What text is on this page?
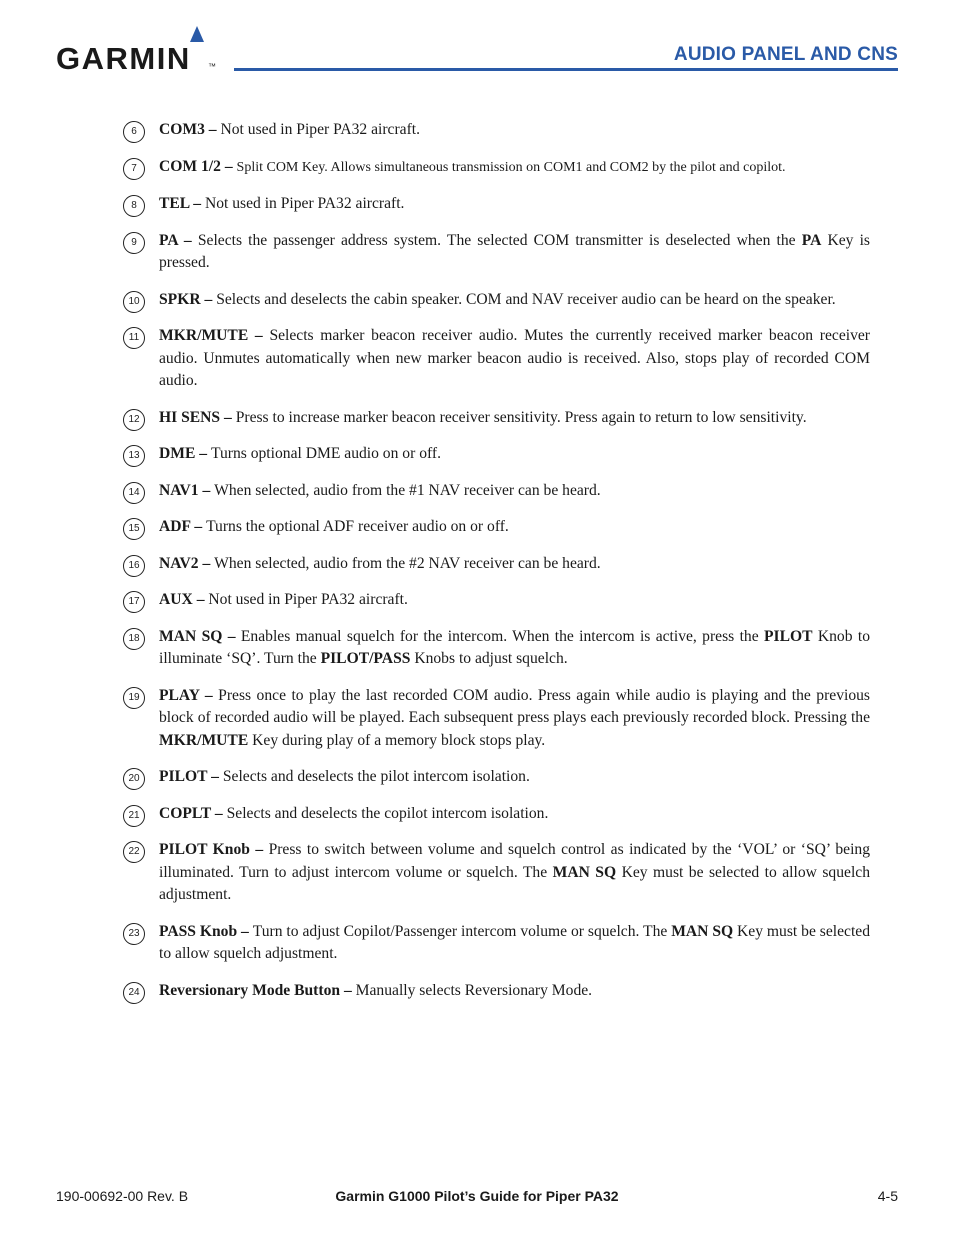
GARMIN ™
AUDIO PANEL AND CNS
6	COM3 – Not used in Piper PA32 aircraft.
7	COM 1/2 – Split COM Key. Allows simultaneous transmission on COM1 and COM2 by the pilot and copilot.
8	TEL – Not used in Piper PA32 aircraft.
9	PA – Selects the passenger address system. The selected COM transmitter is deselected when the PA Key is pressed.
10	SPKR – Selects and deselects the cabin speaker. COM and NAV receiver audio can be heard on the speaker.
11	MKR/MUTE – Selects marker beacon receiver audio. Mutes the currently received marker beacon receiver audio. Unmutes automatically when new marker beacon audio is received. Also, stops play of recorded COM audio.
12	HI SENS – Press to increase marker beacon receiver sensitivity. Press again to return to low sensitivity.
13	DME – Turns optional DME audio on or off.
14	NAV1 – When selected, audio from the #1 NAV receiver can be heard.
15	ADF – Turns the optional ADF receiver audio on or off.
16	NAV2 – When selected, audio from the #2 NAV receiver can be heard.
17	AUX – Not used in Piper PA32 aircraft.
18	MAN SQ – Enables manual squelch for the intercom. When the intercom is active, press the PILOT Knob to illuminate ‘SQ’. Turn the PILOT/PASS Knobs to adjust squelch.
19	PLAY – Press once to play the last recorded COM audio. Press again while audio is playing and the previous block of recorded audio will be played. Each subsequent press plays each previously recorded block. Pressing the MKR/MUTE Key during play of a memory block stops play.
20	PILOT – Selects and deselects the pilot intercom isolation.
21	COPLT – Selects and deselects the copilot intercom isolation.
22	PILOT Knob – Press to switch between volume and squelch control as indicated by the ‘VOL’ or ‘SQ’ being illuminated. Turn to adjust intercom volume or squelch. The MAN SQ Key must be selected to allow squelch adjustment.
23	PASS Knob – Turn to adjust Copilot/Passenger intercom volume or squelch. The MAN SQ Key must be selected to allow squelch adjustment.
24	Reversionary Mode Button – Manually selects Reversionary Mode.
190-00692-00 Rev. B	Garmin G1000 Pilot’s Guide for Piper PA32	4-5
